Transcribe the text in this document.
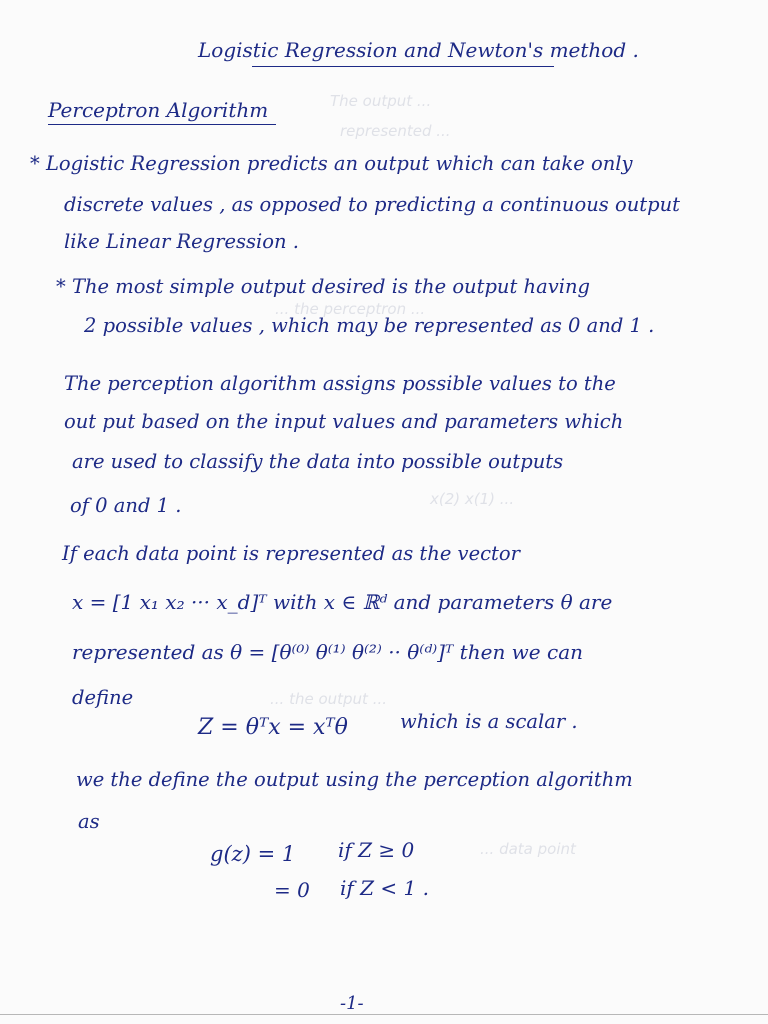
The output ...
represented ...
... the perceptron ...
x(2) x(1) ...
... the output ...
... data point
Logistic Regression and Newton's method .
Perceptron Algorithm
* Logistic Regression predicts an output which can take only
discrete values , as opposed to predicting a continuous output
like Linear Regression .
* The most simple output desired is the output having
2 possible values , which may be represented as 0 and 1 .
The perception algorithm assigns possible values to the
out put based on the input values and parameters which
are used to classify the data into possible outputs
of 0 and 1 .
If each data point is represented as the vector
x = [1 x₁ x₂ ··· x_d]ᵀ with x ∈ ℝᵈ and parameters θ are
represented as θ = [θ⁽⁰⁾ θ⁽¹⁾ θ⁽²⁾ ·· θ⁽ᵈ⁾]ᵀ then we can
define
Z = θᵀx = xᵀθ	which is a scalar .
we the define the output using the perception algorithm
as
g(z) = 1 if Z ≥ 0
= 0 if Z < 1 .
-1-
